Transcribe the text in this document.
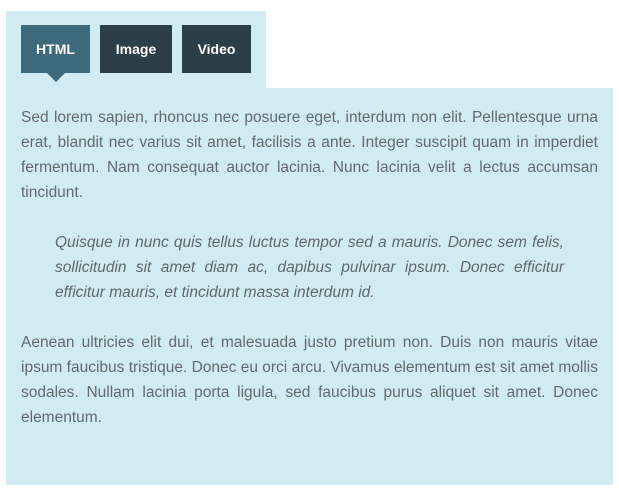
HTML	Image	Video

Sed lorem sapien, rhoncus nec posuere eget, interdum non elit. Pellentesque urna erat, blandit nec varius sit amet, facilisis a ante. Integer suscipit quam in imperdiet fermentum. Nam consequat auctor lacinia. Nunc lacinia velit a lectus accumsan tincidunt.

Quisque in nunc quis tellus luctus tempor sed a mauris. Donec sem felis, sollicitudin sit amet diam ac, dapibus pulvinar ipsum. Donec efficitur efficitur mauris, et tincidunt massa interdum id.

Aenean ultricies elit dui, et malesuada justo pretium non. Duis non mauris vitae ipsum faucibus tristique. Donec eu orci arcu. Vivamus elementum est sit amet mollis sodales. Nullam lacinia porta ligula, sed faucibus purus aliquet sit amet. Donec elementum.
